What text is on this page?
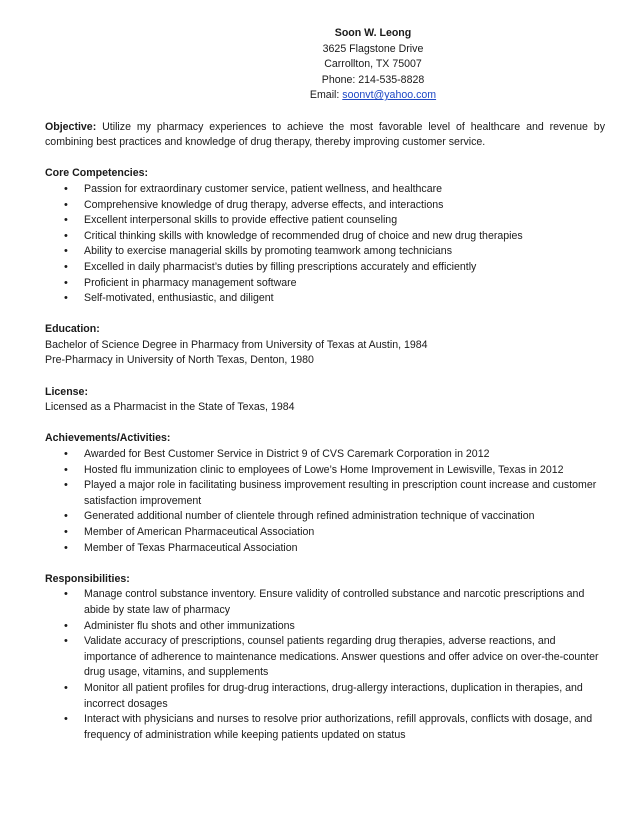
Soon W. Leong
3625 Flagstone Drive
Carrollton, TX 75007
Phone: 214-535-8828
Email: soonvt@yahoo.com
Objective: Utilize my pharmacy experiences to achieve the most favorable level of healthcare and revenue by combining best practices and knowledge of drug therapy, thereby improving customer service.
Core Competencies:
• Passion for extraordinary customer service, patient wellness, and healthcare
• Comprehensive knowledge of drug therapy, adverse effects, and interactions
• Excellent interpersonal skills to provide effective patient counseling
• Critical thinking skills with knowledge of recommended drug of choice and new drug therapies
• Ability to exercise managerial skills by promoting teamwork among technicians
• Excelled in daily pharmacist’s duties by filling prescriptions accurately and efficiently
• Proficient in pharmacy management software
• Self-motivated, enthusiastic, and diligent
Education:
Bachelor of Science Degree in Pharmacy from University of Texas at Austin, 1984
Pre-Pharmacy in University of North Texas, Denton, 1980
License:
Licensed as a Pharmacist in the State of Texas, 1984
Achievements/Activities:
• Awarded for Best Customer Service in District 9 of CVS Caremark Corporation in 2012
• Hosted flu immunization clinic to employees of Lowe’s Home Improvement in Lewisville, Texas in 2012
• Played a major role in facilitating business improvement resulting in prescription count increase and customer satisfaction improvement
• Generated additional number of clientele through refined administration technique of vaccination
• Member of American Pharmaceutical Association
• Member of Texas Pharmaceutical Association
Responsibilities:
• Manage control substance inventory. Ensure validity of controlled substance and narcotic prescriptions and abide by state law of pharmacy
• Administer flu shots and other immunizations
• Validate accuracy of prescriptions, counsel patients regarding drug therapies, adverse reactions, and importance of adherence to maintenance medications. Answer questions and offer advice on over-the-counter drug usage, vitamins, and supplements
• Monitor all patient profiles for drug-drug interactions, drug-allergy interactions, duplication in therapies, and incorrect dosages
• Interact with physicians and nurses to resolve prior authorizations, refill approvals, conflicts with dosage, and frequency of administration while keeping patients updated on status
